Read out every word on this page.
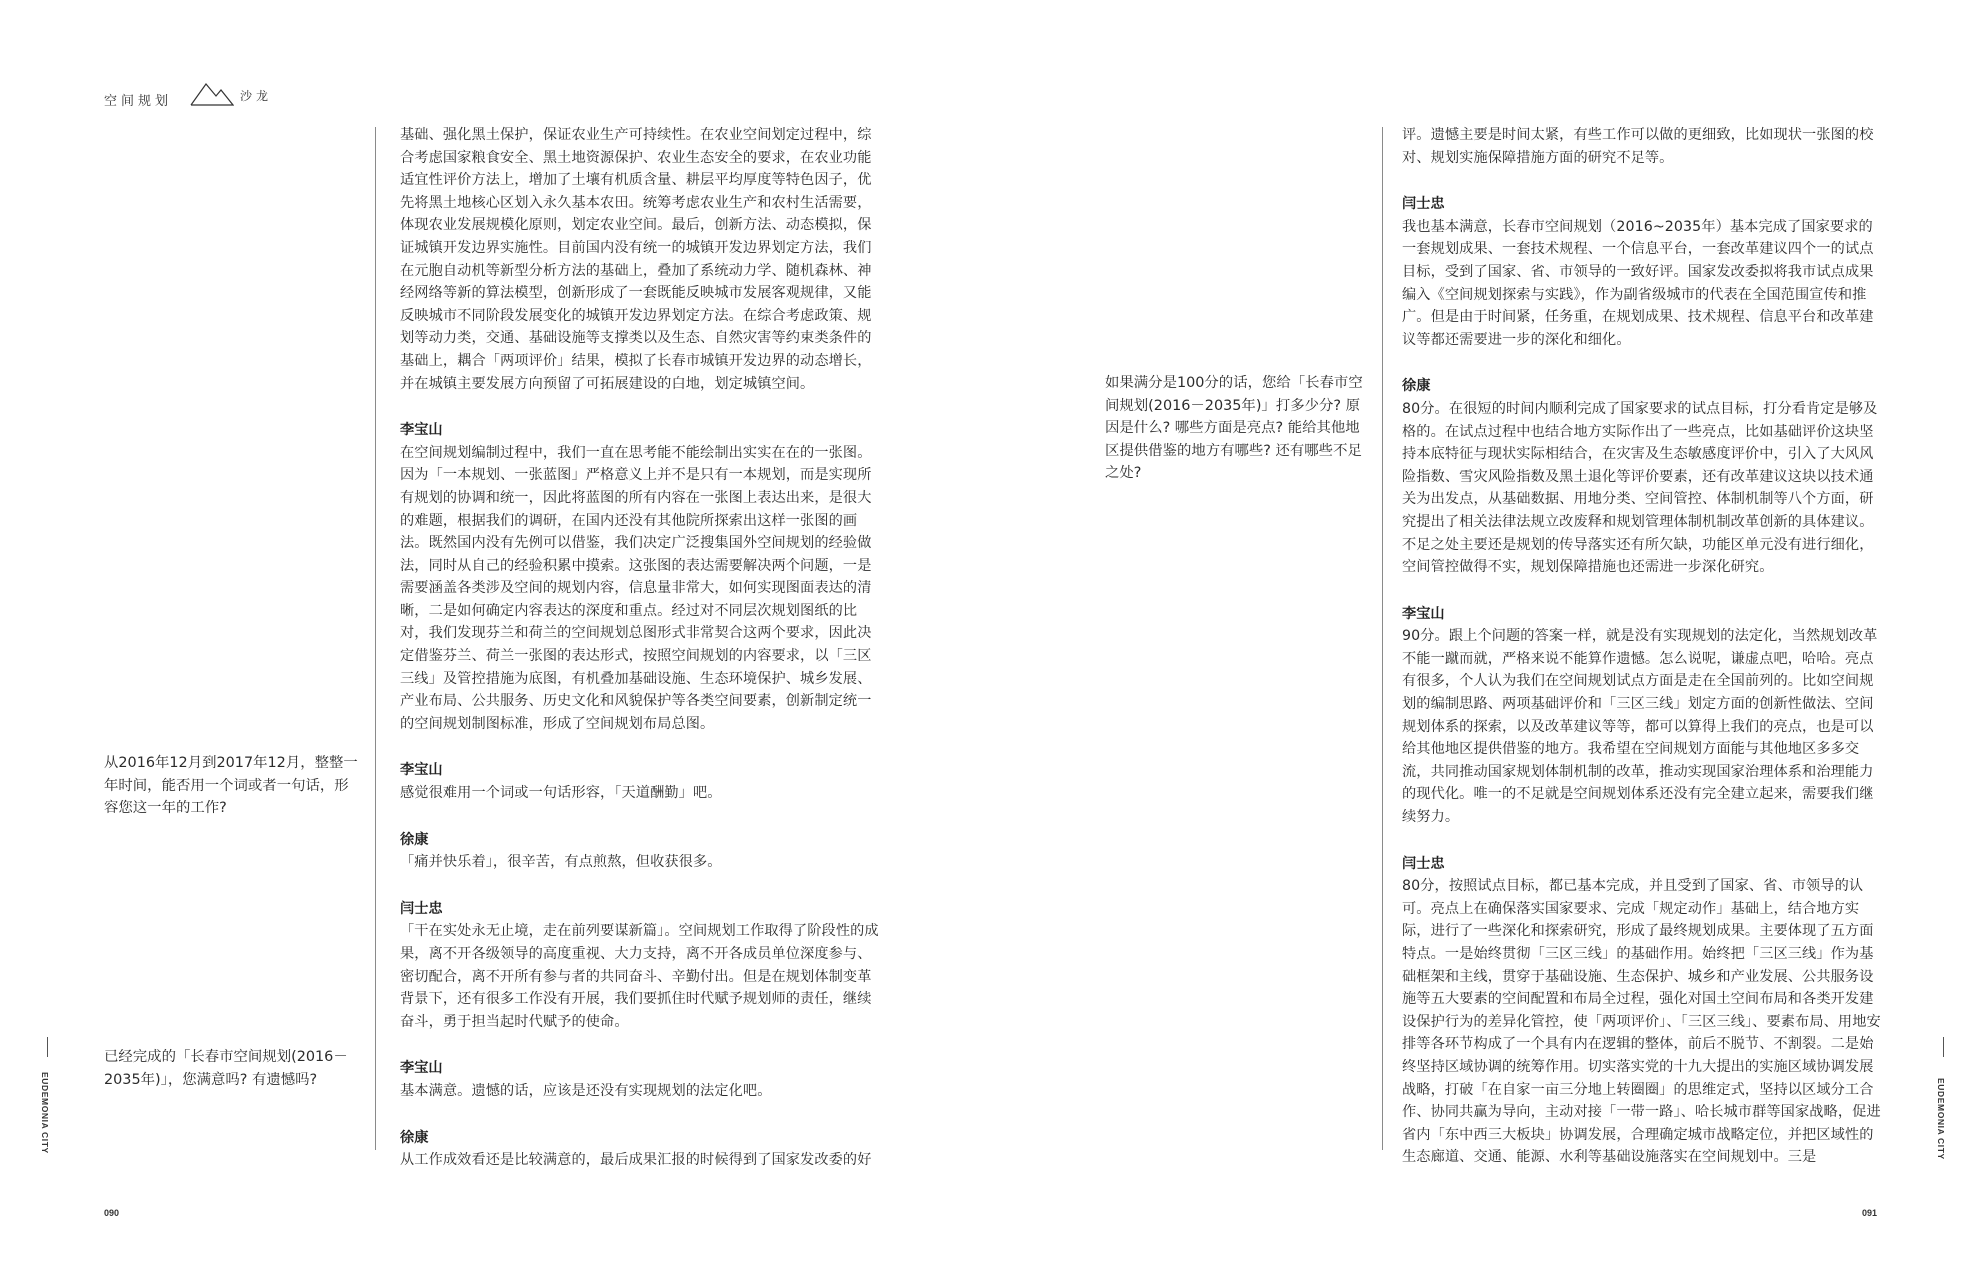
空间规划	沙龙
EUDEMONIA CITY	EUDEMONIA CITY
090	091

从2016年12月到2017年12月，整整一年时间，能否用一个词或者一句话，形容您这一年的工作?

已经完成的「长春市空间规划(2016－2035年)」，您满意吗? 有遗憾吗?

如果满分是100分的话，您给「长春市空间规划(2016－2035年)」打多少分? 原因是什么? 哪些方面是亮点? 能给其他地区提供借鉴的地方有哪些? 还有哪些不足之处?

基础、强化黑土保护，保证农业生产可持续性。在农业空间划定过程中，综合考虑国家粮食安全、黑土地资源保护、农业生态安全的要求，在农业功能适宜性评价方法上，增加了土壤有机质含量、耕层平均厚度等特色因子，优先将黑土地核心区划入永久基本农田。统筹考虑农业生产和农村生活需要，体现农业发展规模化原则，划定农业空间。最后，创新方法、动态模拟，保证城镇开发边界实施性。目前国内没有统一的城镇开发边界划定方法，我们在元胞自动机等新型分析方法的基础上，叠加了系统动力学、随机森林、神经网络等新的算法模型，创新形成了一套既能反映城市发展客观规律，又能反映城市不同阶段发展变化的城镇开发边界划定方法。在综合考虑政策、规划等动力类，交通、基础设施等支撑类以及生态、自然灾害等约束类条件的基础上，耦合「两项评价」结果，模拟了长春市城镇开发边界的动态增长，并在城镇主要发展方向预留了可拓展建设的白地，划定城镇空间。

李宝山

在空间规划编制过程中，我们一直在思考能不能绘制出实实在在的一张图。因为「一本规划、一张蓝图」严格意义上并不是只有一本规划，而是实现所有规划的协调和统一，因此将蓝图的所有内容在一张图上表达出来，是很大的难题，根据我们的调研，在国内还没有其他院所探索出这样一张图的画法。既然国内没有先例可以借鉴，我们决定广泛搜集国外空间规划的经验做法，同时从自己的经验积累中摸索。这张图的表达需要解决两个问题，一是需要涵盖各类涉及空间的规划内容，信息量非常大，如何实现图面表达的清晰，二是如何确定内容表达的深度和重点。经过对不同层次规划图纸的比对，我们发现芬兰和荷兰的空间规划总图形式非常契合这两个要求，因此决定借鉴芬兰、荷兰一张图的表达形式，按照空间规划的内容要求，以「三区三线」及管控措施为底图，有机叠加基础设施、生态环境保护、城乡发展、产业布局、公共服务、历史文化和风貌保护等各类空间要素，创新制定统一的空间规划制图标准，形成了空间规划布局总图。

李宝山

感觉很难用一个词或一句话形容，「天道酬勤」吧。

徐康

「痛并快乐着」，很辛苦，有点煎熬，但收获很多。

闫士忠

「干在实处永无止境，走在前列要谋新篇」。空间规划工作取得了阶段性的成果，离不开各级领导的高度重视、大力支持，离不开各成员单位深度参与、密切配合，离不开所有参与者的共同奋斗、辛勤付出。但是在规划体制变革背景下，还有很多工作没有开展，我们要抓住时代赋予规划师的责任，继续奋斗，勇于担当起时代赋予的使命。

李宝山

基本满意。遗憾的话，应该是还没有实现规划的法定化吧。

徐康

从工作成效看还是比较满意的，最后成果汇报的时候得到了国家发改委的好

评。遗憾主要是时间太紧，有些工作可以做的更细致，比如现状一张图的校对、规划实施保障措施方面的研究不足等。

闫士忠

我也基本满意，长春市空间规划（2016~2035年）基本完成了国家要求的一套规划成果、一套技术规程、一个信息平台，一套改革建议四个一的试点目标，受到了国家、省、市领导的一致好评。国家发改委拟将我市试点成果编入《空间规划探索与实践》，作为副省级城市的代表在全国范围宣传和推广。但是由于时间紧，任务重，在规划成果、技术规程、信息平台和改革建议等都还需要进一步的深化和细化。

徐康

80分。在很短的时间内顺利完成了国家要求的试点目标，打分看肯定是够及格的。在试点过程中也结合地方实际作出了一些亮点，比如基础评价这块坚持本底特征与现状实际相结合，在灾害及生态敏感度评价中，引入了大风风险指数、雪灾风险指数及黑土退化等评价要素，还有改革建议这块以技术通关为出发点，从基础数据、用地分类、空间管控、体制机制等八个方面，研究提出了相关法律法规立改废释和规划管理体制机制改革创新的具体建议。不足之处主要还是规划的传导落实还有所欠缺，功能区单元没有进行细化，空间管控做得不实，规划保障措施也还需进一步深化研究。

李宝山

90分。跟上个问题的答案一样，就是没有实现规划的法定化，当然规划改革不能一蹴而就，严格来说不能算作遗憾。怎么说呢，谦虚点吧，哈哈。亮点有很多，个人认为我们在空间规划试点方面是走在全国前列的。比如空间规划的编制思路、两项基础评价和「三区三线」划定方面的创新性做法、空间规划体系的探索，以及改革建议等等，都可以算得上我们的亮点，也是可以给其他地区提供借鉴的地方。我希望在空间规划方面能与其他地区多多交流，共同推动国家规划体制机制的改革，推动实现国家治理体系和治理能力的现代化。唯一的不足就是空间规划体系还没有完全建立起来，需要我们继续努力。

闫士忠

80分，按照试点目标，都已基本完成，并且受到了国家、省、市领导的认可。亮点上在确保落实国家要求、完成「规定动作」基础上，结合地方实际，进行了一些深化和探索研究，形成了最终规划成果。主要体现了五方面特点。一是始终贯彻「三区三线」的基础作用。始终把「三区三线」作为基础框架和主线，贯穿于基础设施、生态保护、城乡和产业发展、公共服务设施等五大要素的空间配置和布局全过程，强化对国土空间布局和各类开发建设保护行为的差异化管控，使「两项评价」、「三区三线」、要素布局、用地安排等各环节构成了一个具有内在逻辑的整体，前后不脱节、不割裂。二是始终坚持区域协调的统筹作用。切实落实党的十九大提出的实施区域协调发展战略，打破「在自家一亩三分地上转圈圈」的思维定式，坚持以区域分工合作、协同共赢为导向，主动对接「一带一路」、哈长城市群等国家战略，促进省内「东中西三大板块」协调发展，合理确定城市战略定位，并把区域性的生态廊道、交通、能源、水利等基础设施落实在空间规划中。三是
